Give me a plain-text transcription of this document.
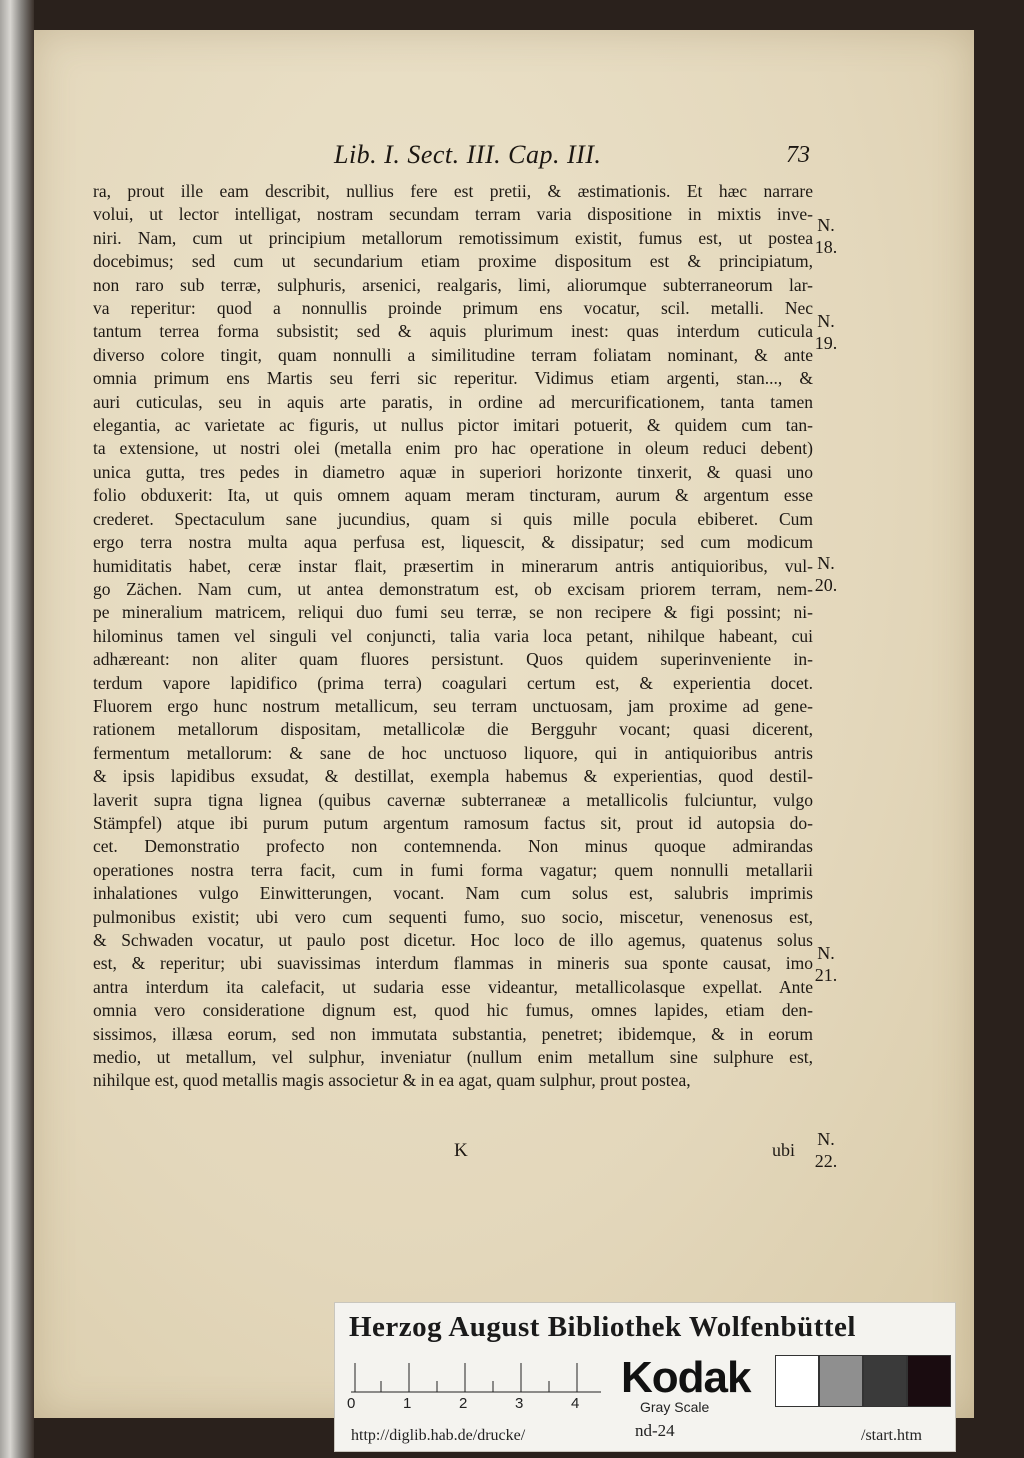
Lib. I. Sect. III. Cap. III.	73
ra, prout ille eam describit, nullius fere est pretii, & æstimationis. Et hæc narrare
volui, ut lector intelligat, nostram secundam terram varia dispositione in mixtis inve-
niri. Nam, cum ut principium metallorum remotissimum existit, fumus est, ut postea
docebimus; sed cum ut secundarium etiam proxime dispositum est & principiatum,
non raro sub terræ, sulphuris, arsenici, realgaris, limi, aliorumque subterraneorum lar-
va reperitur: quod a nonnullis proinde primum ens vocatur, scil. metalli. Nec
tantum terrea forma subsistit; sed & aquis plurimum inest: quas interdum cuticula
diverso colore tingit, quam nonnulli a similitudine terram foliatam nominant, & ante
omnia primum ens Martis seu ferri sic reperitur. Vidimus etiam argenti, stan..., &
auri cuticulas, seu in aquis arte paratis, in ordine ad mercurificationem, tanta tamen
elegantia, ac varietate ac figuris, ut nullus pictor imitari potuerit, & quidem cum tan-
ta extensione, ut nostri olei (metalla enim pro hac operatione in oleum reduci debent)
unica gutta, tres pedes in diametro aquæ in superiori horizonte tinxerit, & quasi uno
folio obduxerit: Ita, ut quis omnem aquam meram tincturam, aurum & argentum esse
crederet. Spectaculum sane jucundius, quam si quis mille pocula ebiberet. Cum
ergo terra nostra multa aqua perfusa est, liquescit, & dissipatur; sed cum modicum
humiditatis habet, ceræ instar flait, præsertim in minerarum antris antiquioribus, vul-
go Zächen. Nam cum, ut antea demonstratum est, ob excisam priorem terram, nem-
pe mineralium matricem, reliqui duo fumi seu terræ, se non recipere & figi possint; ni-
hilominus tamen vel singuli vel conjuncti, talia varia loca petant, nihilque habeant, cui
adhæreant: non aliter quam fluores persistunt. Quos quidem superinveniente in-
terdum vapore lapidifico (prima terra) coagulari certum est, & experientia docet.
Fluorem ergo hunc nostrum metallicum, seu terram unctuosam, jam proxime ad gene-
rationem metallorum dispositam, metallicolæ die Bergguhr vocant; quasi dicerent,
fermentum metallorum: & sane de hoc unctuoso liquore, qui in antiquioribus antris
& ipsis lapidibus exsudat, & destillat, exempla habemus & experientias, quod destil-
laverit supra tigna lignea (quibus cavernæ subterraneæ a metallicolis fulciuntur, vulgo
Stämpfel) atque ibi purum putum argentum ramosum factus sit, prout id autopsia do-
cet. Demonstratio profecto non contemnenda. Non minus quoque admirandas
operationes nostra terra facit, cum in fumi forma vagatur; quem nonnulli metallarii
inhalationes vulgo Einwitterungen, vocant. Nam cum solus est, salubris imprimis
pulmonibus existit; ubi vero cum sequenti fumo, suo socio, miscetur, venenosus est,
& Schwaden vocatur, ut paulo post dicetur. Hoc loco de illo agemus, quatenus solus
est, & reperitur; ubi suavissimas interdum flammas in mineris sua sponte causat, imo
antra interdum ita calefacit, ut sudaria esse videantur, metallicolasque expellat. Ante
omnia vero consideratione dignum est, quod hic fumus, omnes lapides, etiam den-
sissimos, illæsa eorum, sed non immutata substantia, penetret; ibidemque, & in eorum
medio, ut metallum, vel sulphur, inveniatur (nullum enim metallum sine sulphure est,
nihilque est, quod metallis magis associetur & in ea agat, quam sulphur, prout postea,
N. 18.
N. 19.
N. 20.
N. 21.
N. 22.
K	ubi
Herzog August Bibliothek Wolfenbüttel
0	1	2	3	4
Kodak
Gray Scale
http://diglib.hab.de/drucke/	nd-24	/start.htm
